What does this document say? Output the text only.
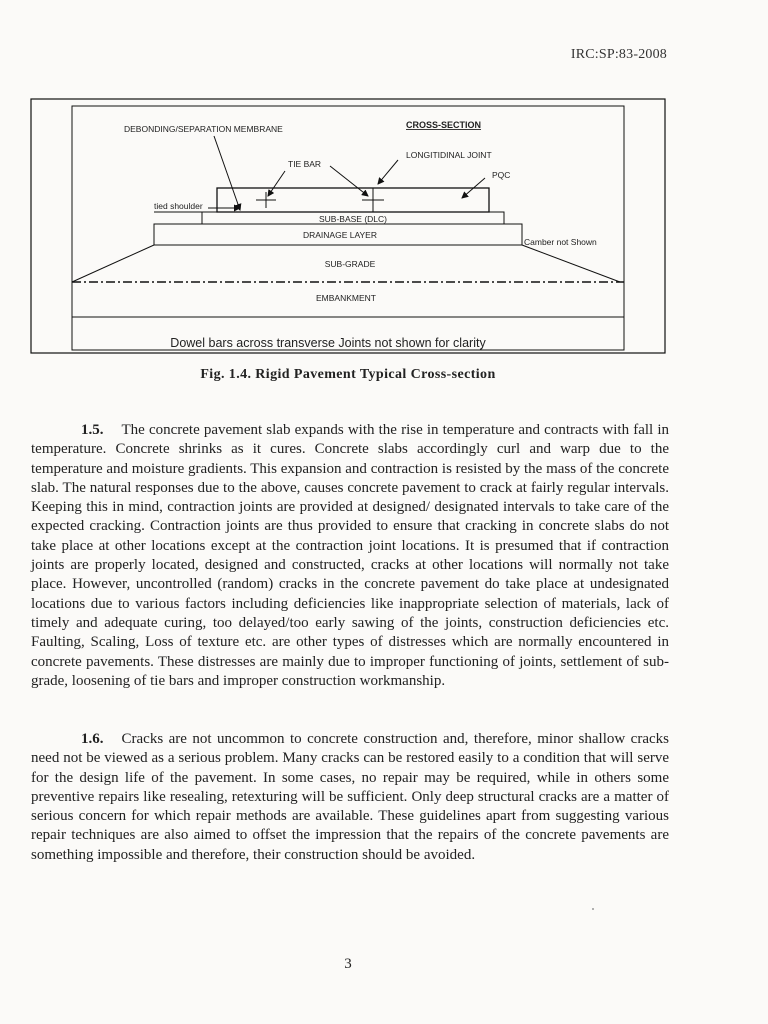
IRC:SP:83-2008
DEBONDING/SEPARATION MEMBRANE	CROSS-SECTION
LONGITIDINAL JOINT
TIE BAR
PQC
tied shoulder
SUB-BASE (DLC)
DRAINAGE LAYER
Camber not Shown
SUB-GRADE
EMBANKMENT
Dowel bars across transverse Joints not shown for clarity
Fig. 1.4. Rigid Pavement Typical Cross-section

1.5. The concrete pavement slab expands with the rise in temperature and contracts with fall in temperature. Concrete shrinks as it cures. Concrete slabs accordingly curl and warp due to the temperature and moisture gradients. This expansion and contraction is resisted by the mass of the concrete slab. The natural responses due to the above, causes concrete pavement to crack at fairly regular intervals. Keeping this in mind, contraction joints are provided at designed/ designated intervals to take care of the expected cracking. Contraction joints are thus provided to ensure that cracking in concrete slabs do not take place at other locations except at the contraction joint locations. It is presumed that if contraction joints are properly located, designed and constructed, cracks at other locations will normally not take place. However, uncontrolled (random) cracks in the concrete pavement do take place at undesignated locations due to various factors including deficiencies like inappropriate selection of materials, lack of timely and adequate curing, too delayed/too early sawing of the joints, construction deficiencies etc. Faulting, Scaling, Loss of texture etc. are other types of distresses which are normally encountered in concrete pavements. These distresses are mainly due to improper functioning of joints, settlement of sub-grade, loosening of tie bars and improper construction workmanship.

1.6. Cracks are not uncommon to concrete construction and, therefore, minor shallow cracks need not be viewed as a serious problem. Many cracks can be restored easily to a condition that will serve for the design life of the pavement. In some cases, no repair may be required, while in others some preventive repairs like resealing, retexturing will be sufficient. Only deep structural cracks are a matter of serious concern for which repair methods are available. These guidelines apart from suggesting various repair techniques are also aimed to offset the impression that the repairs of the concrete pavements are something impossible and therefore, their construction should be avoided.

3
